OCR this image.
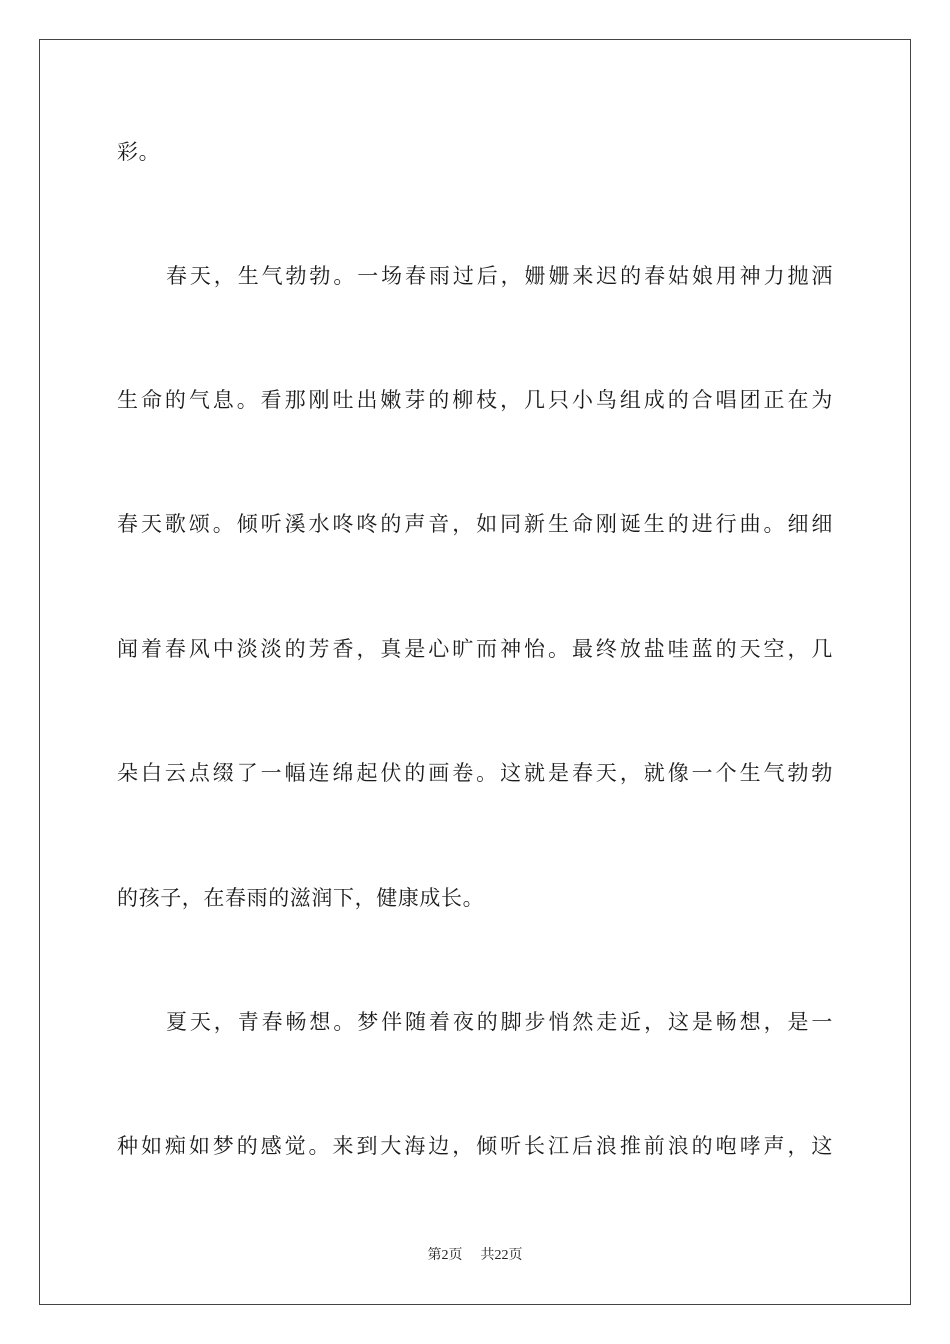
彩。
春天，生气勃勃。一场春雨过后，姗姗来迟的春姑娘用神力抛洒
生命的气息。看那刚吐出嫩芽的柳枝，几只小鸟组成的合唱团正在为
春天歌颂。倾听溪水咚咚的声音，如同新生命刚诞生的进行曲。细细
闻着春风中淡淡的芳香，真是心旷而神怡。最终放盐哇蓝的天空，几
朵白云点缀了一幅连绵起伏的画卷。这就是春天，就像一个生气勃勃
的孩子，在春雨的滋润下，健康成长。
夏天，青春畅想。梦伴随着夜的脚步悄然走近，这是畅想，是一
种如痴如梦的感觉。来到大海边，倾听长江后浪推前浪的咆哮声，这
第2页 共22页
